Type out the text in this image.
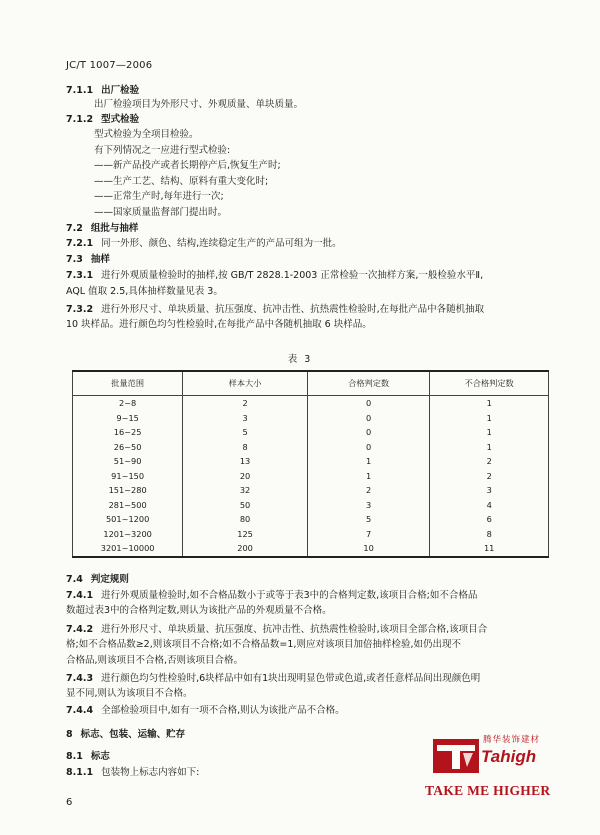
JC/T 1007—2006
7.1.1 出厂检验
出厂检验项目为外形尺寸、外观质量、单块质量。
7.1.2 型式检验
型式检验为全项目检验。
有下列情况之一应进行型式检验:
——新产品投产或者长期停产后,恢复生产时;
——生产工艺、结构、原料有重大变化时;
——正常生产时,每年进行一次;
——国家质量监督部门提出时。
7.2 组批与抽样
7.2.1 同一外形、颜色、结构,连续稳定生产的产品可组为一批。
7.3 抽样
7.3.1 进行外观质量检验时的抽样,按 GB/T 2828.1-2003 正常检验一次抽样方案,一般检验水平Ⅱ,
AQL 值取 2.5,具体抽样数量见表 3。
7.3.2 进行外形尺寸、单块质量、抗压强度、抗冲击性、抗热震性检验时,在每批产品中各随机抽取
10 块样品。进行颜色均匀性检验时,在每批产品中各随机抽取 6 块样品。
表 3
批量范围	样本大小	合格判定数	不合格判定数
2~8	2	0	1
9~15	3	0	1
16~25	5	0	1
26~50	8	0	1
51~90	13	1	2
91~150	20	1	2
151~280	32	2	3
281~500	50	3	4
501~1200	80	5	6
1201~3200	125	7	8
3201~10000	200	10	11
7.4 判定规则
7.4.1 进行外观质量检验时,如不合格品数小于或等于表3中的合格判定数,该项目合格;如不合格品
数超过表3中的合格判定数,则认为该批产品的外观质量不合格。
7.4.2 进行外形尺寸、单块质量、抗压强度、抗冲击性、抗热震性检验时,该项目全部合格,该项目合
格;如不合格品数≥2,则该项目不合格;如不合格品数=1,则应对该项目加倍抽样检验,如仍出现不
合格品,则该项目不合格,否则该项目合格。
7.4.3 进行颜色均匀性检验时,6块样品中如有1块出现明显色带或色道,或者任意样品间出现颜色明
显不同,则认为该项目不合格。
7.4.4 全部检验项目中,如有一项不合格,则认为该批产品不合格。
8 标志、包装、运输、贮存
8.1 标志
8.1.1 包装物上标志内容如下:
6
腾华装饰建材
Tahigh
TAKE ME HIGHER
